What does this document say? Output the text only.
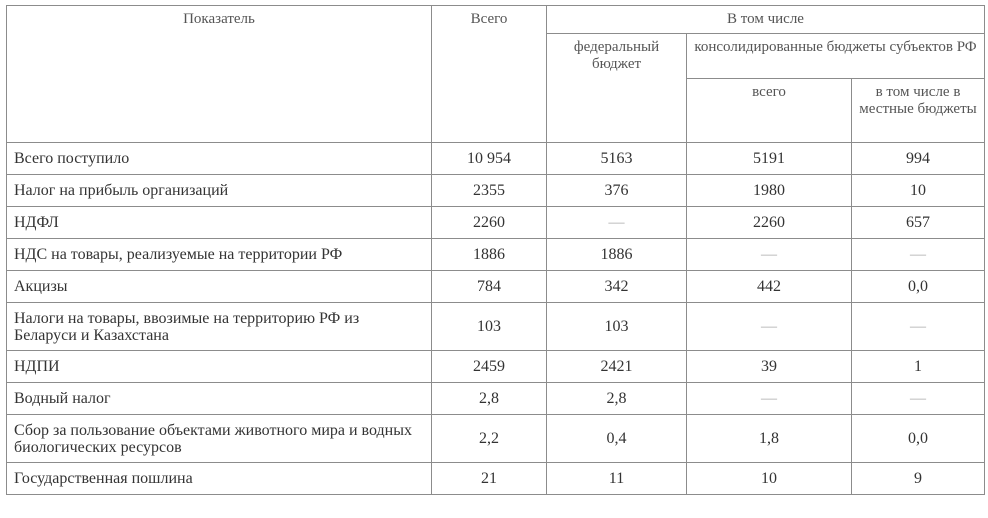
Показатель	Всего	В том числе		
		федеральный бюджет	консолидированные бюджеты субъектов РФ	
			всего	в том числе в местные бюджеты
Всего поступило	10 954	5163	5191	994
Налог на прибыль организаций	2355	376	1980	10
НДФЛ	2260	—	2260	657
НДС на товары, реализуемые на территории РФ	1886	1886	—	—
Акцизы	784	342	442	0,0
Налоги на товары, ввозимые на территорию РФ из Беларуси и Казахстана	103	103	—	—
НДПИ	2459	2421	39	1
Водный налог	2,8	2,8	—	—
Сбор за пользование объектами животного мира и водных биологических ресурсов	2,2	0,4	1,8	0,0
Государственная пошлина	21	11	10	9
